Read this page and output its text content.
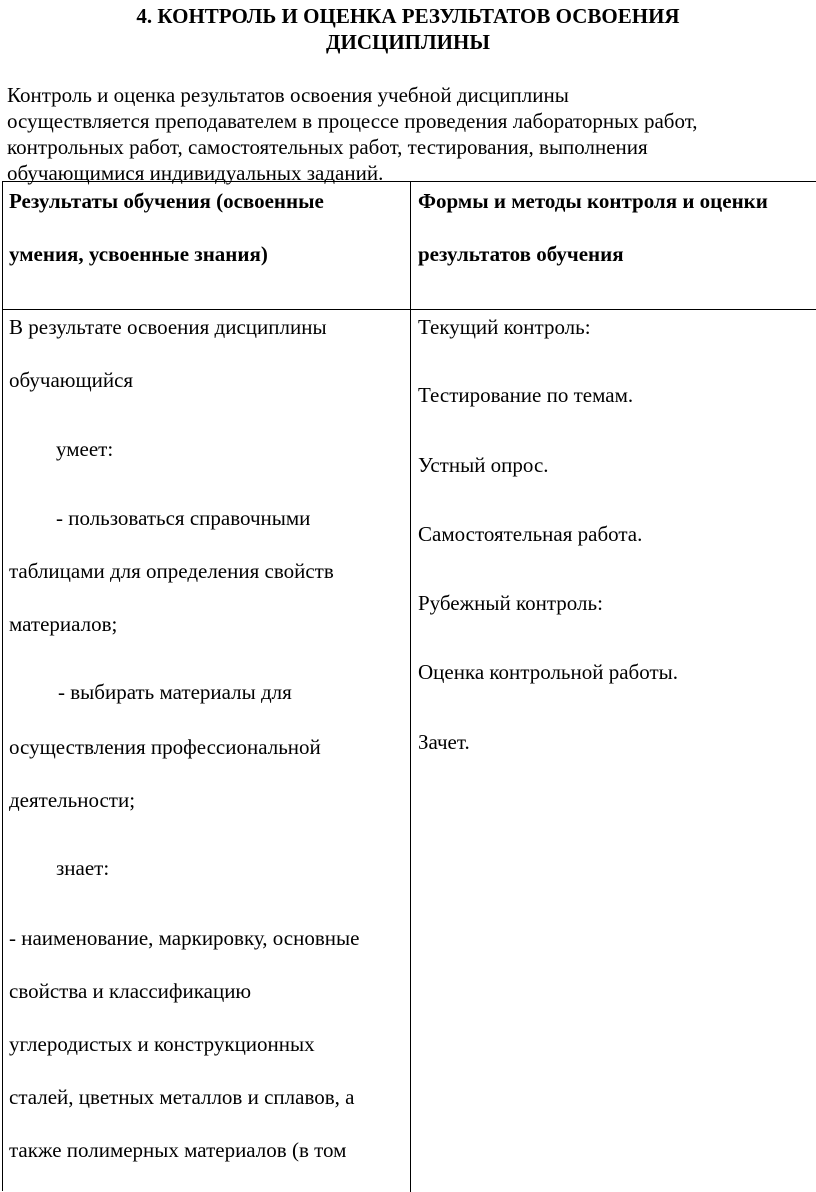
4. КОНТРОЛЬ И ОЦЕНКА РЕЗУЛЬТАТОВ ОСВОЕНИЯ
ДИСЦИПЛИНЫ
Контроль и оценка результатов освоения учебной дисциплины
осуществляется преподавателем в процессе проведения лабораторных работ,
контрольных работ, самостоятельных работ, тестирования, выполнения
обучающимися индивидуальных заданий.
Результаты обучения (освоенные
умения, усвоенные знания)
Формы и методы контроля и оценки
результатов обучения
В результате освоения дисциплины
обучающийся
умеет:
- пользоваться справочными
таблицами для определения свойств
материалов;
- выбирать материалы для
осуществления профессиональной
деятельности;
знает:
- наименование, маркировку, основные
свойства и классификацию
углеродистых и конструкционных
сталей, цветных металлов и сплавов, а
также полимерных материалов (в том
Текущий контроль:
Тестирование по темам.
Устный опрос.
Самостоятельная работа.
Рубежный контроль:
Оценка контрольной работы.
Зачет.
